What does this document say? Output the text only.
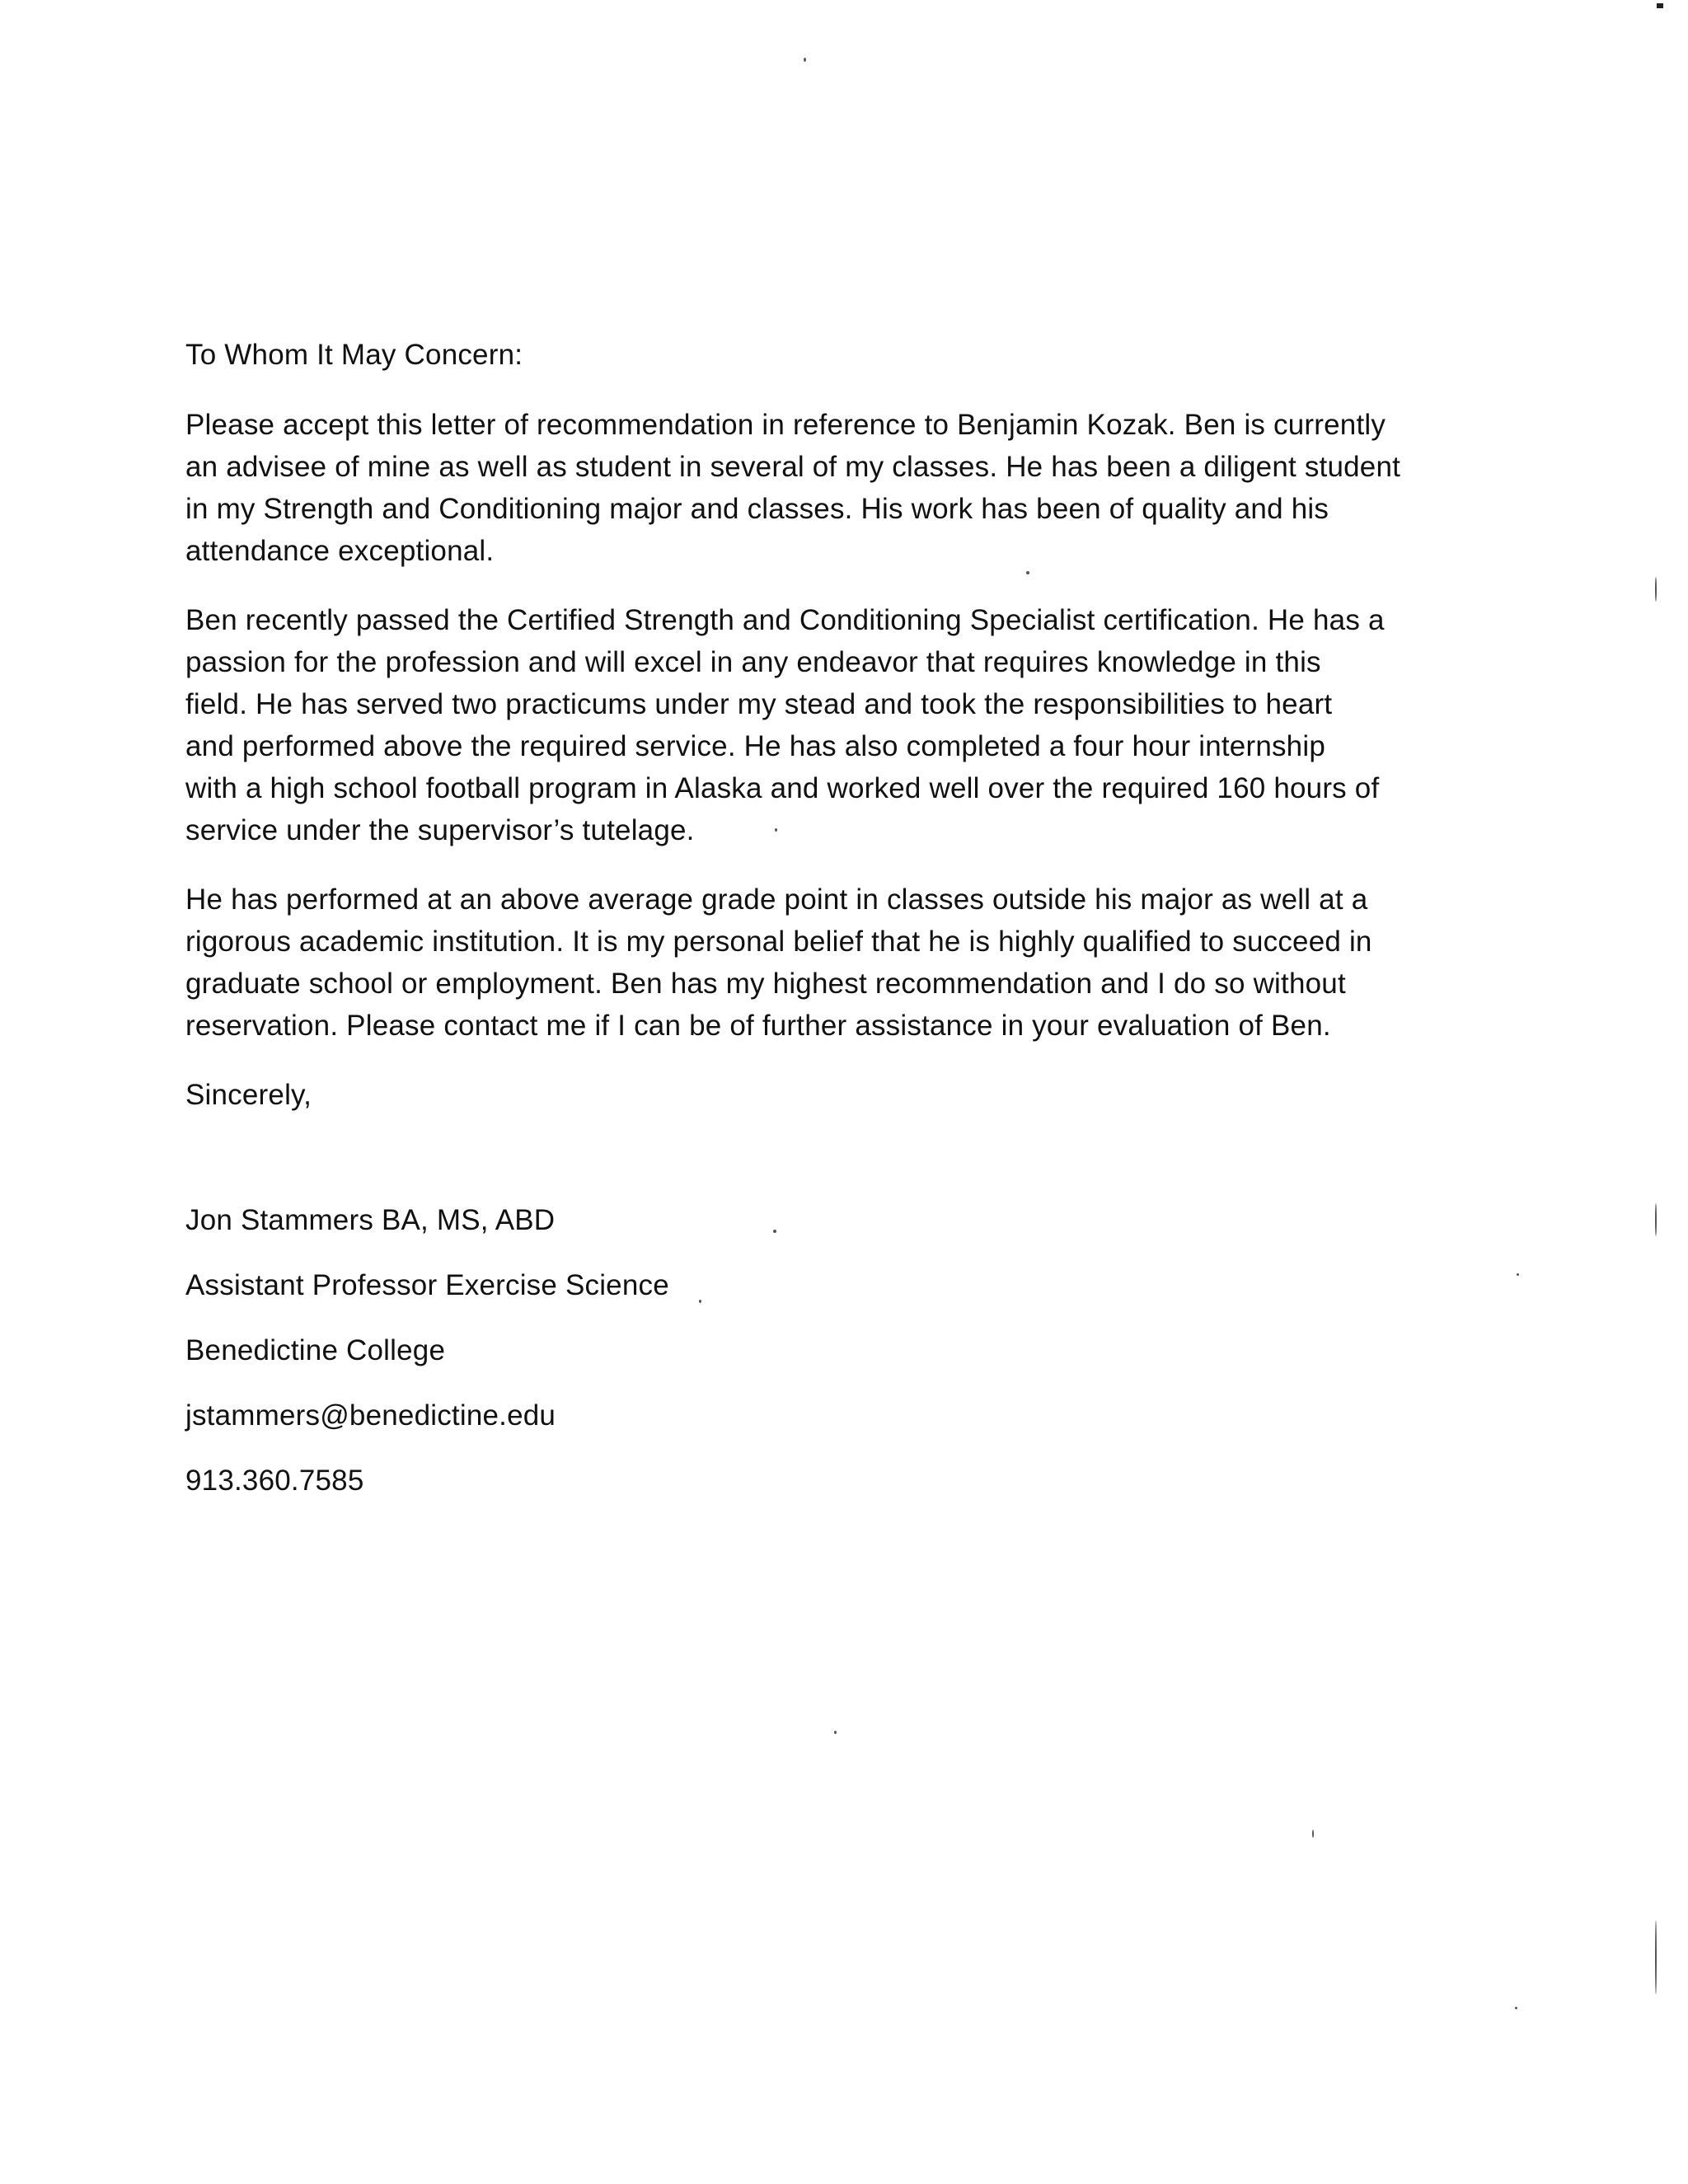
To Whom It May Concern:
Please accept this letter of recommendation in reference to Benjamin Kozak. Ben is currently
an advisee of mine as well as student in several of my classes. He has been a diligent student
in my Strength and Conditioning major and classes. His work has been of quality and his
attendance exceptional.
Ben recently passed the Certified Strength and Conditioning Specialist certification. He has a
passion for the profession and will excel in any endeavor that requires knowledge in this
field. He has served two practicums under my stead and took the responsibilities to heart
and performed above the required service. He has also completed a four hour internship
with a high school football program in Alaska and worked well over the required 160 hours of
service under the supervisor’s tutelage.
He has performed at an above average grade point in classes outside his major as well at a
rigorous academic institution. It is my personal belief that he is highly qualified to succeed in
graduate school or employment. Ben has my highest recommendation and I do so without
reservation. Please contact me if I can be of further assistance in your evaluation of Ben.
Sincerely,
Jon Stammers BA, MS, ABD
Assistant Professor Exercise Science
Benedictine College
jstammers@benedictine.edu
913.360.7585
